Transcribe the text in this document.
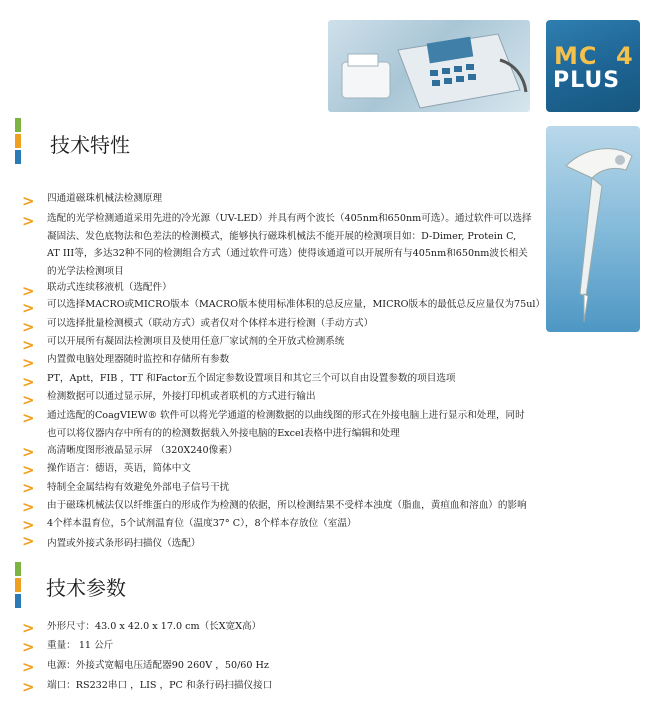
MC 4
PLUS
技术特性
> 四通道磁珠机械法检测原理
> 选配的光学检测通道采用先进的冷光源（UV-LED）并具有两个波长（405nm和650nm可选）。通过软件可以选择
凝固法、发色底物法和色差法的检测模式，能够执行磁珠机械法不能开展的检测项目如：D-Dimer, Protein C,
AT III等，多达32种不同的检测组合方式（通过软件可选）使得该通道可以开展所有与405nm和650nm波长相关
的光学法检测项目
> 联动式连续移液机（选配件）
> 可以选择MACRO或MICRO版本（MACRO版本使用标准体积的总反应量，MICRO版本的最低总反应量仅为75ul）
> 可以选择批量检测模式（联动方式）或者仅对个体样本进行检测（手动方式）
> 可以开展所有凝固法检测项目及使用任意厂家试剂的全开放式检测系统
> 内置微电脑处理器随时监控和存储所有参数
> PT，Aptt，FIB ，TT 和Factor五个固定参数设置项目和其它三个可以自由设置参数的项目选项
> 检测数据可以通过显示屏，外接打印机或者联机的方式进行输出
> 通过选配的CoagVIEW® 软件可以将光学通道的检测数据的以曲线图的形式在外接电脑上进行显示和处理，同时
也可以将仪器内存中所有的的检测数据载入外接电脑的Excel表格中进行编辑和处理
> 高清晰度图形液晶显示屏 （320X240像素）
> 操作语言：德语，英语，简体中文
> 特制全金属结构有效避免外部电子信号干扰
> 由于磁珠机械法仅以纤维蛋白的形成作为检测的依据，所以检测结果不受样本浊度（脂血，黄疸血和溶血）的影响
> 4个样本温育位，5个试剂温育位（温度37° C），8个样本存放位（室温）
> 内置或外接式条形码扫描仪（选配）
技术参数
> 外形尺寸：43.0 x 42.0 x 17.0 cm（长X宽X高）
> 重量： 11 公斤
> 电源：外接式宽幅电压适配器90 260V ，50/60 Hz
> 端口：RS232串口 ，LIS ，PC 和条行码扫描仪接口
